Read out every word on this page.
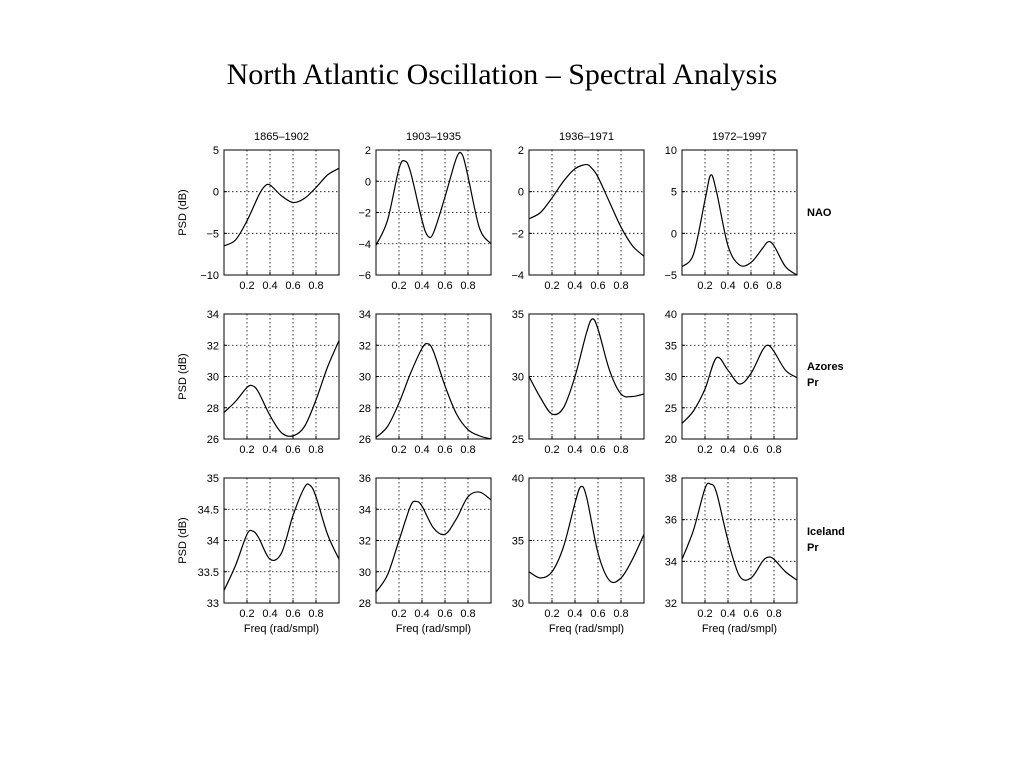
North Atlantic Oscillation – Spectral Analysis
0.2 0.4 0.6 0.8
−10
−5
0
5
1865–1902
PSD (dB)
0.2 0.4 0.6 0.8
−6
−4
−2
0
2
1903–1935
0.2 0.4 0.6 0.8
−4
−2
0
2
1936–1971
0.2 0.4 0.6 0.8
−5
0
5
10
1972–1997
0.2 0.4 0.6 0.8
26
28
30
32
34
PSD (dB)
0.2 0.4 0.6 0.8
26
28
30
32
34
0.2 0.4 0.6 0.8
25
30
35
0.2 0.4 0.6 0.8
20
25
30
35
40
0.2 0.4 0.6 0.8
33
33.5
34
34.5
35
PSD (dB)
Freq (rad/smpl)
0.2 0.4 0.6 0.8
28
30
32
34
36
Freq (rad/smpl)
0.2 0.4 0.6 0.8
30
35
40
Freq (rad/smpl)
0.2 0.4 0.6 0.8
32
34
36
38
Freq (rad/smpl)
NAO
Azores
Pr
Iceland
Pr
